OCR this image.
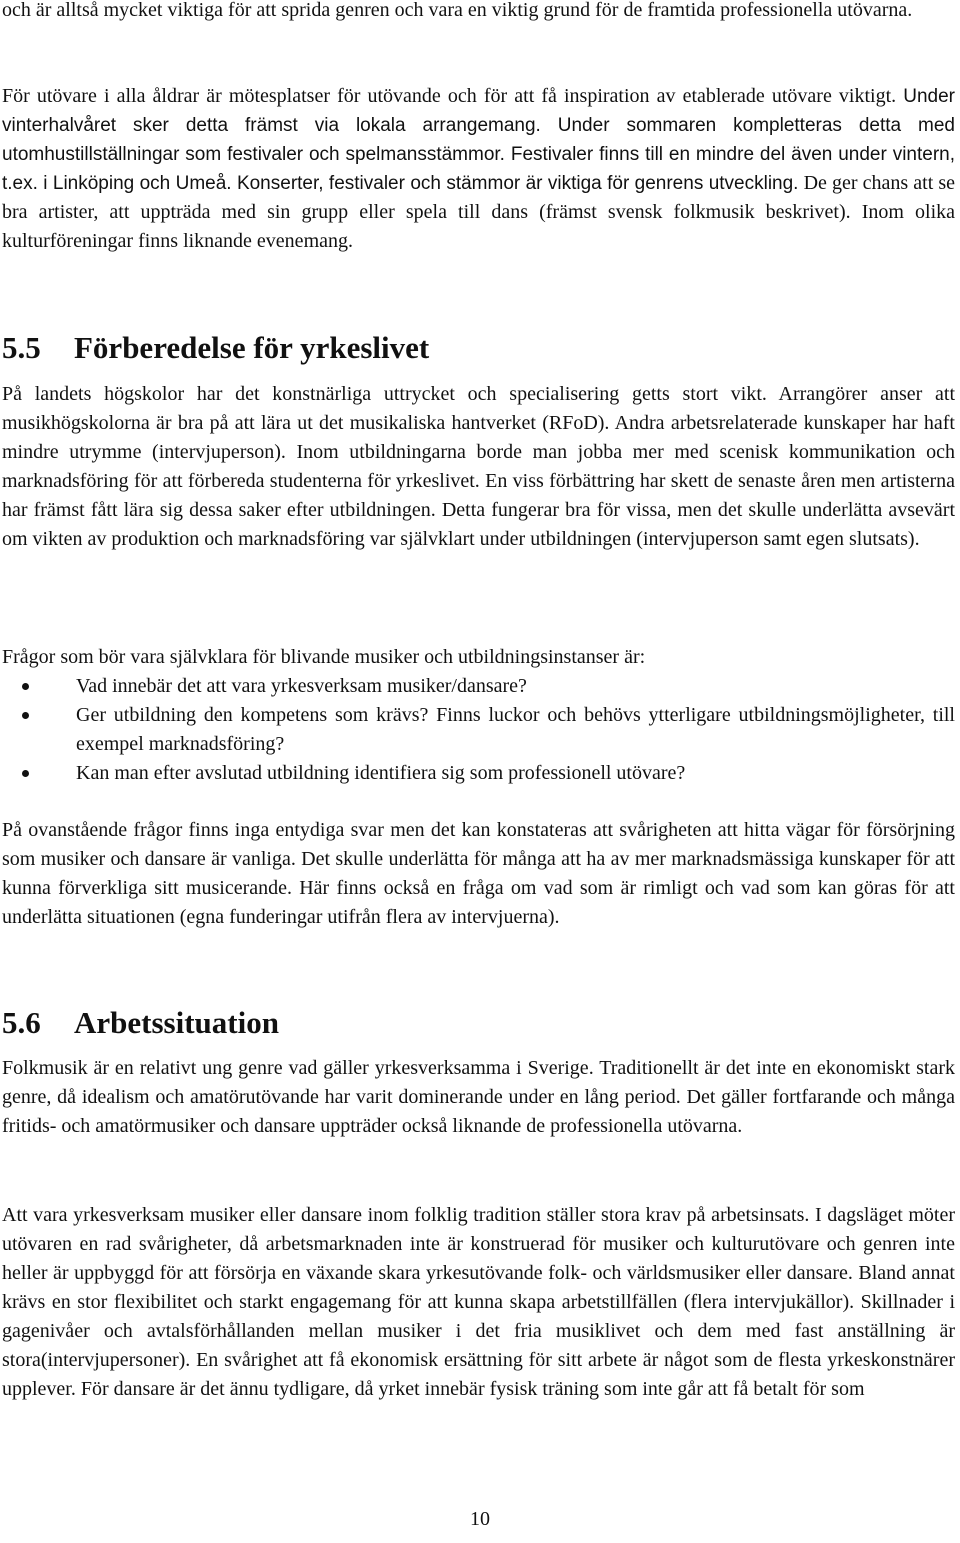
och är alltså mycket viktiga för att sprida genren och vara en viktig grund för de framtida professionella utövarna.

För utövare i alla åldrar är mötesplatser för utövande och för att få inspiration av etablerade utövare viktigt. Under vinterhalvåret sker detta främst via lokala arrangemang. Under sommaren kompletteras detta med utomhustillställningar som festivaler och spelmansstämmor. Festivaler finns till en mindre del även under vintern, t.ex. i Linköping och Umeå. Konserter, festivaler och stämmor är viktiga för genrens utveckling. De ger chans att se bra artister, att uppträda med sin grupp eller spela till dans (främst svensk folkmusik beskrivet). Inom olika kulturföreningar finns liknande evenemang.

5.5 Förberedelse för yrkeslivet

På landets högskolor har det konstnärliga uttrycket och specialisering getts stort vikt. Arrangörer anser att musikhögskolorna är bra på att lära ut det musikaliska hantverket (RFoD). Andra arbetsrelaterade kunskaper har haft mindre utrymme (intervjuperson). Inom utbildningarna borde man jobba mer med scenisk kommunikation och marknadsföring för att förbereda studenterna för yrkeslivet. En viss förbättring har skett de senaste åren men artisterna har främst fått lära sig dessa saker efter utbildningen. Detta fungerar bra för vissa, men det skulle underlätta avsevärt om vikten av produktion och marknadsföring var självklart under utbildningen (intervjuperson samt egen slutsats).

Frågor som bör vara självklara för blivande musiker och utbildningsinstanser är:

Vad innebär det att vara yrkesverksam musiker/dansare?
Ger utbildning den kompetens som krävs? Finns luckor och behövs ytterligare utbildningsmöjligheter, till exempel marknadsföring?
Kan man efter avslutad utbildning identifiera sig som professionell utövare?

På ovanstående frågor finns inga entydiga svar men det kan konstateras att svårigheten att hitta vägar för försörjning som musiker och dansare är vanliga. Det skulle underlätta för många att ha av mer marknadsmässiga kunskaper för att kunna förverkliga sitt musicerande. Här finns också en fråga om vad som är rimligt och vad som kan göras för att underlätta situationen (egna funderingar utifrån flera av intervjuerna).

5.6 Arbetssituation

Folkmusik är en relativt ung genre vad gäller yrkesverksamma i Sverige. Traditionellt är det inte en ekonomiskt stark genre, då idealism och amatörutövande har varit dominerande under en lång period. Det gäller fortfarande och många fritids- och amatörmusiker och dansare uppträder också liknande de professionella utövarna.

Att vara yrkesverksam musiker eller dansare inom folklig tradition ställer stora krav på arbetsinsats. I dagsläget möter utövaren en rad svårigheter, då arbetsmarknaden inte är konstruerad för musiker och kulturutövare och genren inte heller är uppbyggd för att försörja en växande skara yrkesutövande folk- och världsmusiker eller dansare. Bland annat krävs en stor flexibilitet och starkt engagemang för att kunna skapa arbetstillfällen (flera intervjukällor). Skillnader i gagenivåer och avtalsförhållanden mellan musiker i det fria musiklivet och dem med fast anställning är stora(intervjupersoner). En svårighet att få ekonomisk ersättning för sitt arbete är något som de flesta yrkeskonstnärer upplever. För dansare är det ännu tydligare, då yrket innebär fysisk träning som inte går att få betalt för som

10
